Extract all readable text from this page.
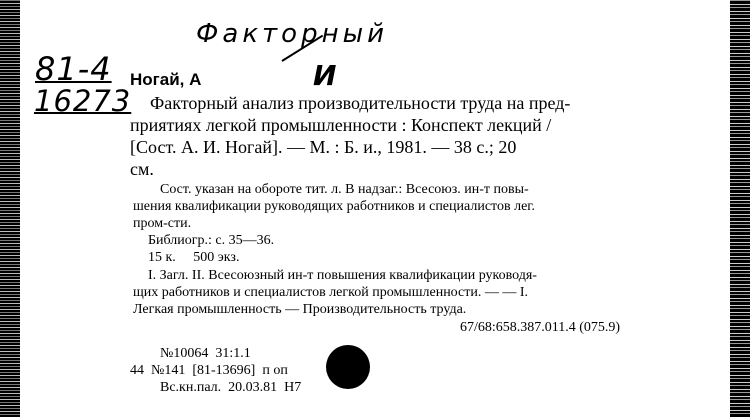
Факторный
81-4
16273
И
Ногай, А
Факторный анализ производительности труда на пред-
приятиях легкой промышленности : Конспект лекций /
[Сост. А. И. Ногай]. — М. : Б. и., 1981. — 38 с.; 20
см.
Сост. указан на обороте тит. л. В надзаг.: Всесоюз. ин-т повы-
шения квалификации руководящих работников и специалистов лег.
пром-сти.
Библиогр.: с. 35—36.
15 к.     500 экз.
I. Загл. II. Всесоюзный ин-т повышения квалификации руководя-
щих работников и специалистов легкой промышленности. — — I.
Легкая промышленность — Производительность труда.
67/68:658.387.011.4 (075.9)
№10064  31:1.1
44  №141  [81-13696]  п оп
Вс.кн.пал.  20.03.81  Н7
